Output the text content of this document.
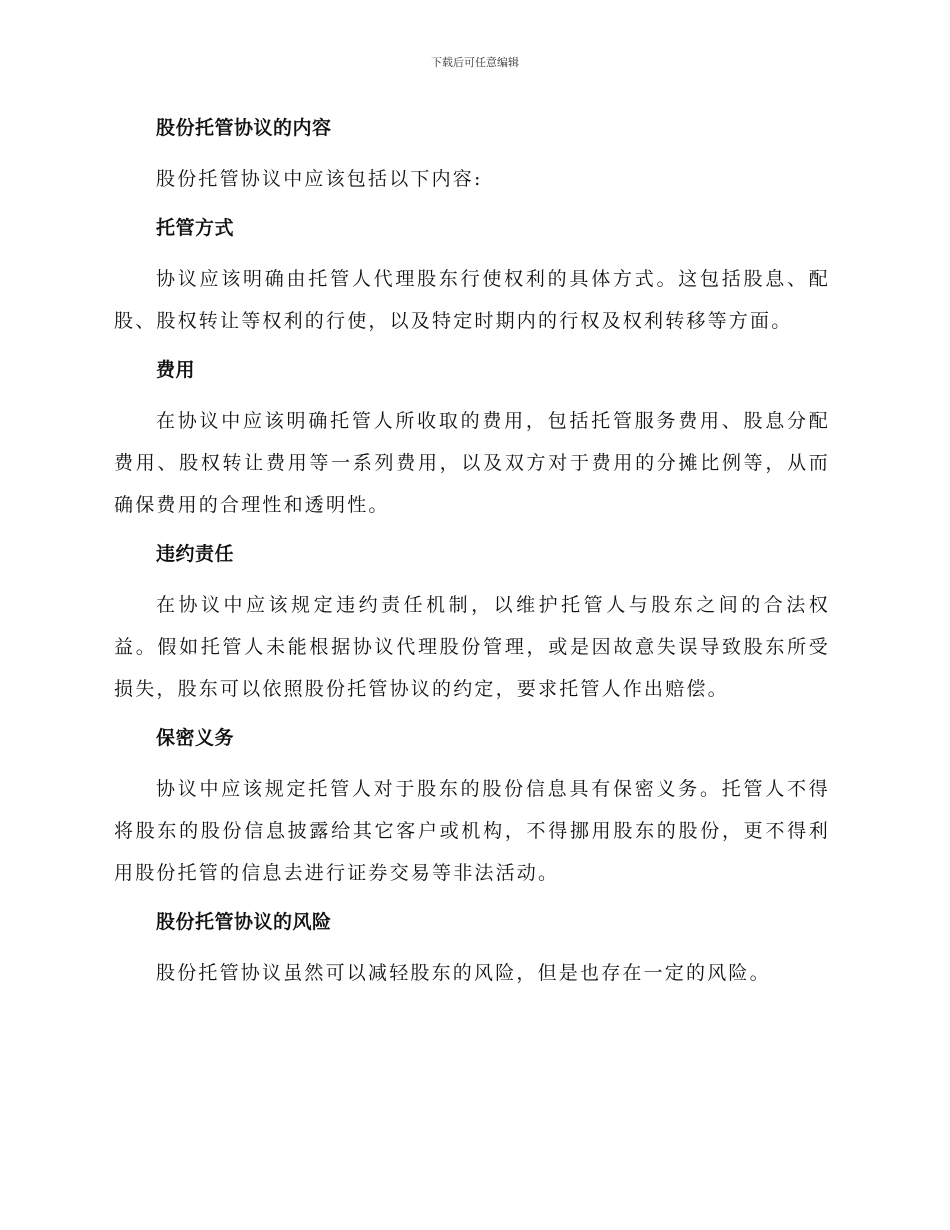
下载后可任意编辑
股份托管协议的内容

股份托管协议中应该包括以下内容:

托管方式

协议应该明确由托管人代理股东行使权利的具体方式。这包括股息、配股、股权转让等权利的行使，以及特定时期内的行权及权利转移等方面。

费用

在协议中应该明确托管人所收取的费用，包括托管服务费用、股息分配费用、股权转让费用等一系列费用，以及双方对于费用的分摊比例等，从而确保费用的合理性和透明性。

违约责任

在协议中应该规定违约责任机制，以维护托管人与股东之间的合法权益。假如托管人未能根据协议代理股份管理，或是因故意失误导致股东所受损失，股东可以依照股份托管协议的约定，要求托管人作出赔偿。

保密义务

协议中应该规定托管人对于股东的股份信息具有保密义务。托管人不得将股东的股份信息披露给其它客户或机构，不得挪用股东的股份，更不得利用股份托管的信息去进行证券交易等非法活动。

股份托管协议的风险

股份托管协议虽然可以减轻股东的风险，但是也存在一定的风险。
